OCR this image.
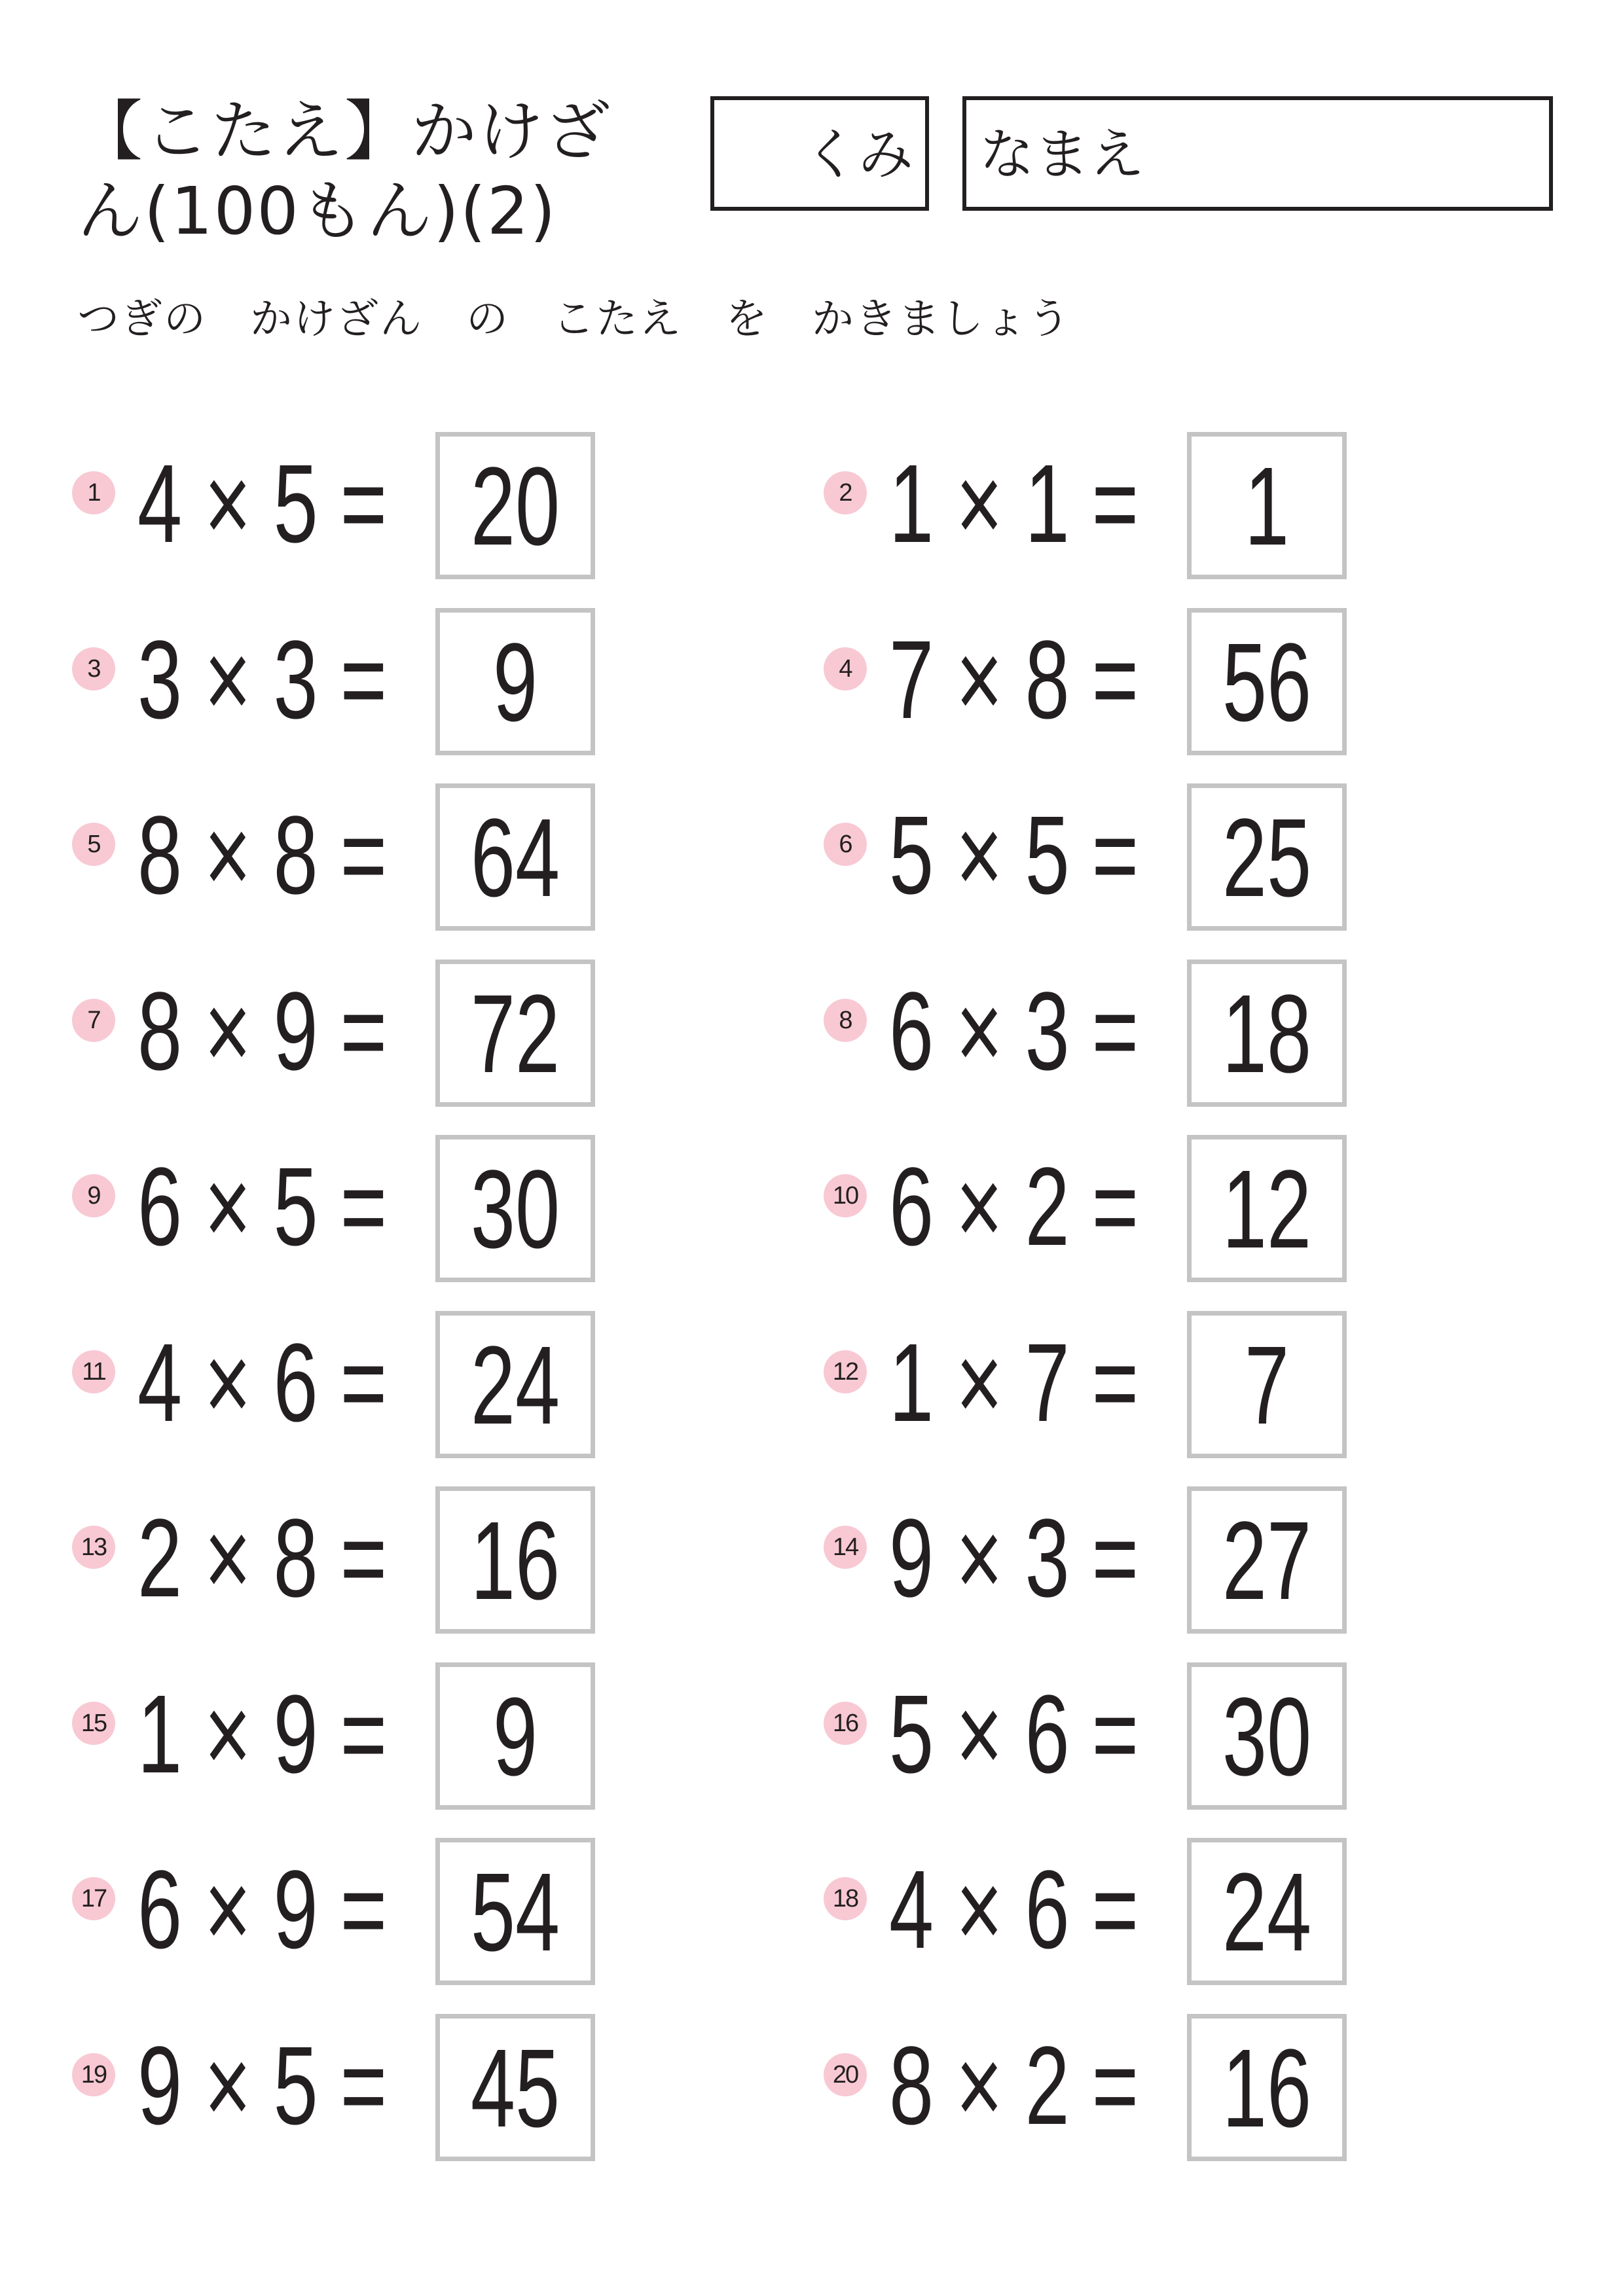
【こたえ】かけざん(100もん)(2)
くみ なまえ
つぎの　かけざん　の　こたえ　を　かきましょう
1 4 × 5 = 20	2 1 × 1 = 1
3 3 × 3 = 9	4 7 × 8 = 56
5 8 × 8 = 64	6 5 × 5 = 25
7 8 × 9 = 72	8 6 × 3 = 18
9 6 × 5 = 30	10 6 × 2 = 12
11 4 × 6 = 24	12 1 × 7 = 7
13 2 × 8 = 16	14 9 × 3 = 27
15 1 × 9 = 9	16 5 × 6 = 30
17 6 × 9 = 54	18 4 × 6 = 24
19 9 × 5 = 45	20 8 × 2 = 16
